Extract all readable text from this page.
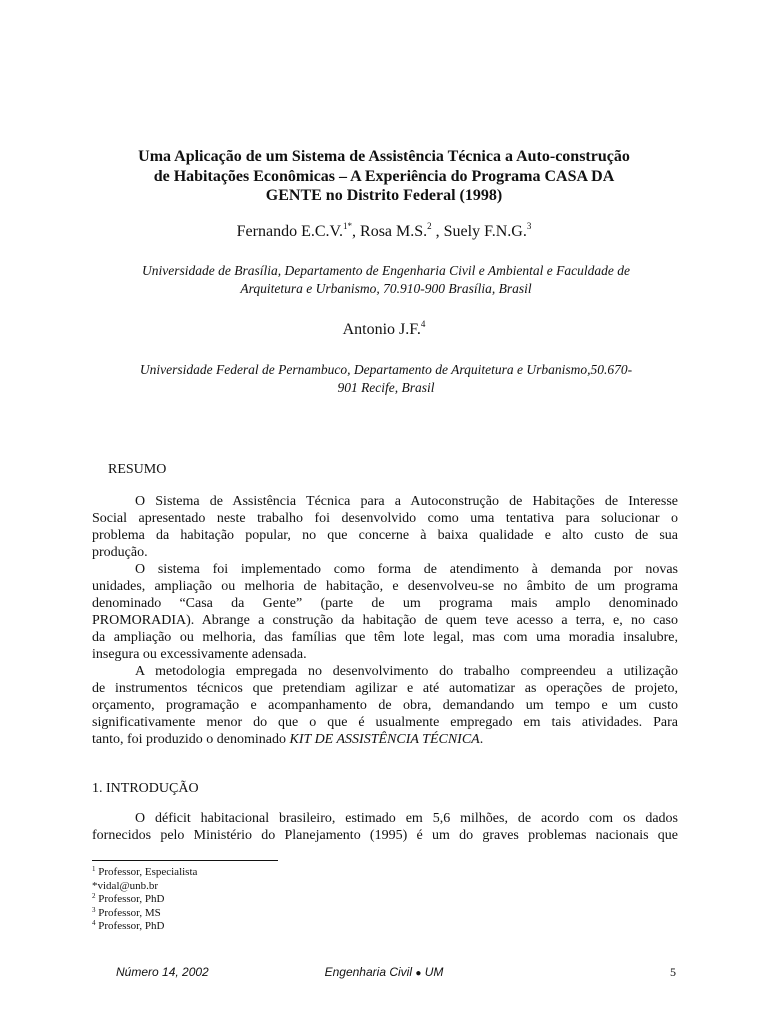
Uma Aplicação de um Sistema de Assistência Técnica a Auto-construção
de Habitações Econômicas – A Experiência do Programa CASA DA
GENTE no Distrito Federal (1998)
Fernando E.C.V.$^{1*}$, Rosa M.S.$^2$ , Suely F.N.G.$^3$
Universidade de Brasília, Departamento de Engenharia Civil e Ambiental e Faculdade de
Arquitetura e Urbanismo, 70.910-900 Brasília, Brasil
Antonio J.F.$^4$
Universidade Federal de Pernambuco, Departamento de Arquitetura e Urbanismo,50.670-
901 Recife, Brasil
RESUMO
O Sistema de Assistência Técnica para a Autoconstrução de Habitações de Interesse
Social apresentado neste trabalho foi desenvolvido como uma tentativa para solucionar o
problema da habitação popular, no que concerne à baixa qualidade e alto custo de sua
produção.
O sistema foi implementado como forma de atendimento à demanda por novas
unidades, ampliação ou melhoria de habitação, e desenvolveu-se no âmbito de um programa
denominado “Casa da Gente” (parte de um programa mais amplo denominado
PROMORADIA). Abrange a construção da habitação de quem teve acesso a terra, e, no caso
da ampliação ou melhoria, das famílias que têm lote legal, mas com uma moradia insalubre,
insegura ou excessivamente adensada.
A metodologia empregada no desenvolvimento do trabalho compreendeu a utilização
de instrumentos técnicos que pretendiam agilizar e até automatizar as operações de projeto,
orçamento, programação e acompanhamento de obra, demandando um tempo e um custo
significativamente menor do que o que é usualmente empregado em tais atividades. Para
tanto, foi produzido o denominado KIT DE ASSISTÊNCIA TÉCNICA.
1. INTRODUÇÃO
O déficit habitacional brasileiro, estimado em 5,6 milhões, de acordo com os dados
fornecidos pelo Ministério do Planejamento (1995) é um do graves problemas nacionais que
$^1$ Professor, Especialista
*vidal@unb.br
$^2$ Professor, PhD
$^3$ Professor, MS
$^4$ Professor, PhD
Número 14, 2002	Engenharia Civil ● UM	5
